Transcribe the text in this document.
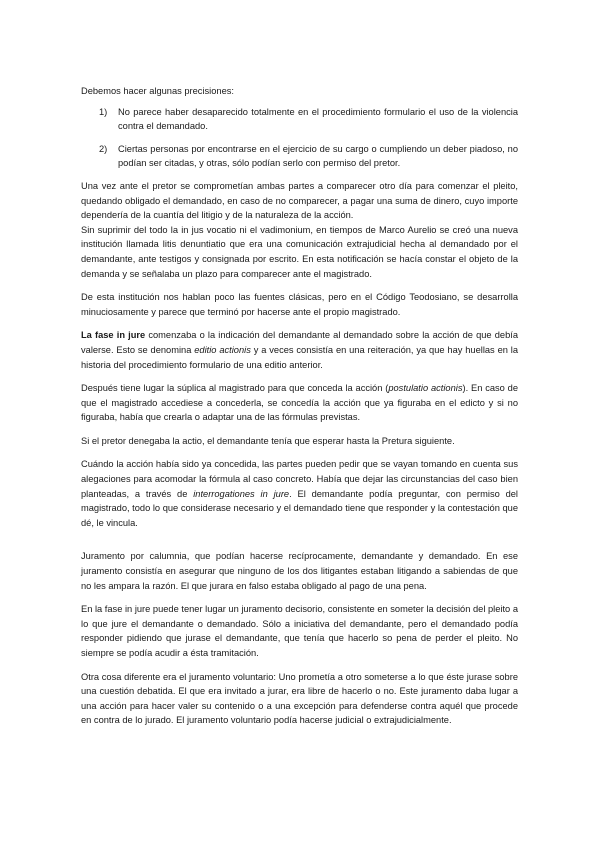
Debemos hacer algunas precisiones:

1)	No parece haber desaparecido totalmente en el procedimiento formulario el uso de la violencia contra el demandado.
2)	Ciertas personas por encontrarse en el ejercicio de su cargo o cumpliendo un deber piadoso, no podían ser citadas, y otras, sólo podían serlo con permiso del pretor.

Una vez ante el pretor se comprometían ambas partes a comparecer otro día para comenzar el pleito, quedando obligado el demandado, en caso de no comparecer, a pagar una suma de dinero, cuyo importe dependería de la cuantía del litigio y de la naturaleza de la acción.

Sin suprimir del todo la in jus vocatio ni el vadimonium, en tiempos de Marco Aurelio se creó una nueva institución llamada litis denuntiatio que era una comunicación extrajudicial hecha al demandado por el demandante, ante testigos y consignada por escrito. En esta notificación se hacía constar el objeto de la demanda y se señalaba un plazo para comparecer ante el magistrado.

De esta institución nos hablan poco las fuentes clásicas, pero en el Código Teodosiano, se desarrolla minuciosamente y parece que terminó por hacerse ante el propio magistrado.

La fase in jure comenzaba o la indicación del demandante al demandado sobre la acción de que debía valerse. Esto se denomina editio actionis y a veces consistía en una reiteración, ya que hay huellas en la historia del procedimiento formulario de una editio anterior.

Después tiene lugar la súplica al magistrado para que conceda la acción (postulatio actionis). En caso de que el magistrado accediese a concederla, se concedía la acción que ya figuraba en el edicto y si no figuraba, había que crearla o adaptar una de las fórmulas previstas.

Si el pretor denegaba la actio, el demandante tenía que esperar hasta la Pretura siguiente.

Cuándo la acción había sido ya concedida, las partes pueden pedir que se vayan tomando en cuenta sus alegaciones para acomodar la fórmula al caso concreto. Había que dejar las circunstancias del caso bien planteadas, a través de interrogationes in jure. El demandante podía preguntar, con permiso del magistrado, todo lo que considerase necesario y el demandado tiene que responder y la contestación que dé, le vincula.

Juramento por calumnia, que podían hacerse recíprocamente, demandante y demandado. En ese juramento consistía en asegurar que ninguno de los dos litigantes estaban litigando a sabiendas de que no les ampara la razón. El que jurara en falso estaba obligado al pago de una pena.

En la fase in jure puede tener lugar un juramento decisorio, consistente en someter la decisión del pleito a lo que jure el demandante o demandado. Sólo a iniciativa del demandante, pero el demandado podía responder pidiendo que jurase el demandante, que tenía que hacerlo so pena de perder el pleito. No siempre se podía acudir a ésta tramitación.

Otra cosa diferente era el juramento voluntario: Uno prometía a otro someterse a lo que éste jurase sobre una cuestión debatida. El que era invitado a jurar, era libre de hacerlo o no. Este juramento daba lugar a una acción para hacer valer su contenido o a una excepción para defenderse contra aquél que procede en contra de lo jurado. El juramento voluntario podía hacerse judicial o extrajudicialmente.
